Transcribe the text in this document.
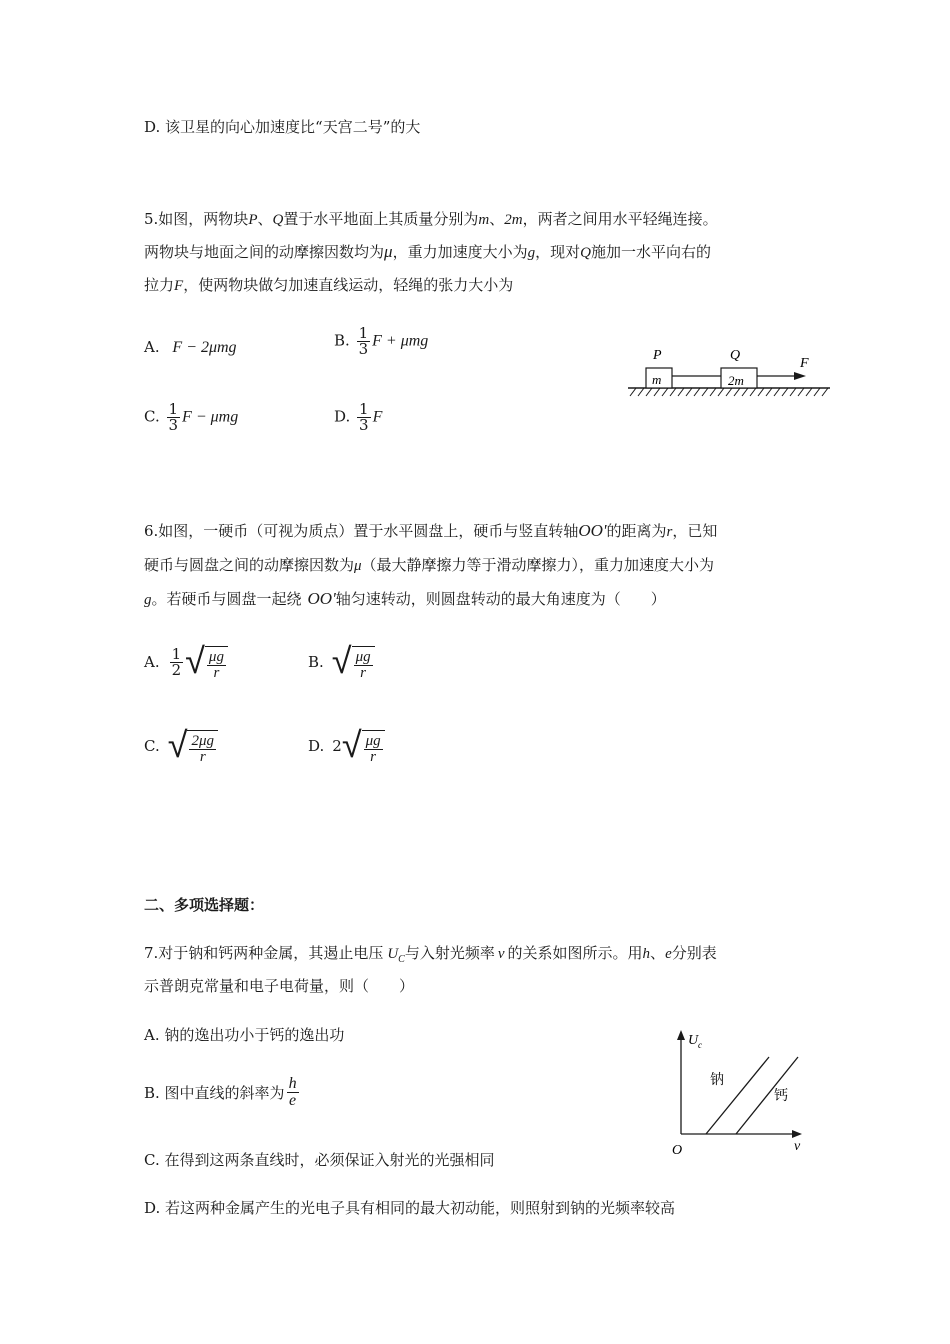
D. 该卫星的向心加速度比“天宫二号”的大
5.如图，两物块P、Q置于水平地面上其质量分别为m、2m，两者之间用水平轻绳连接。
两物块与地面之间的动摩擦因数均为μ，重力加速度大小为g，现对Q施加一水平向右的
拉力F，使两物块做匀加速直线运动，轻绳的张力大小为
A. F − 2μmg	B. $\frac{1}{3}$ F + μmg
C. $\frac{1}{3}$ F − μmg	D. $\frac{1}{3}$ F
P	Q
F
m	2m
6.如图，一硬币（可视为质点）置于水平圆盘上，硬币与竖直转轴OO'的距离为r，已知
硬币与圆盘之间的动摩擦因数为μ（最大静摩擦力等于滑动摩擦力），重力加速度大小为
g。若硬币与圆盘一起绕 OO'轴匀速转动，则圆盘转动的最大角速度为（　　）
A. $\frac{1}{2}$ √ $\frac{\mu g}{r}$	B. √ $\frac{\mu g}{r}$
C. √ $\frac{2\mu g}{r}$	D. 2 √ $\frac{\mu g}{r}$
二、多项选择题：
7.对于钠和钙两种金属，其遏止电压 $U_C$与入射光频率 ν 的关系如图所示。用h、e分别表
示普朗克常量和电子电荷量，则（　　）
A. 钠的逸出功小于钙的逸出功
B. 图中直线的斜率为 $\frac{h}{e}$
C. 在得到这两条直线时，必须保证入射光的光强相同
D. 若这两种金属产生的光电子具有相同的最大初动能，则照射到钠的光频率较高
U c
ν
O
钠
钙
